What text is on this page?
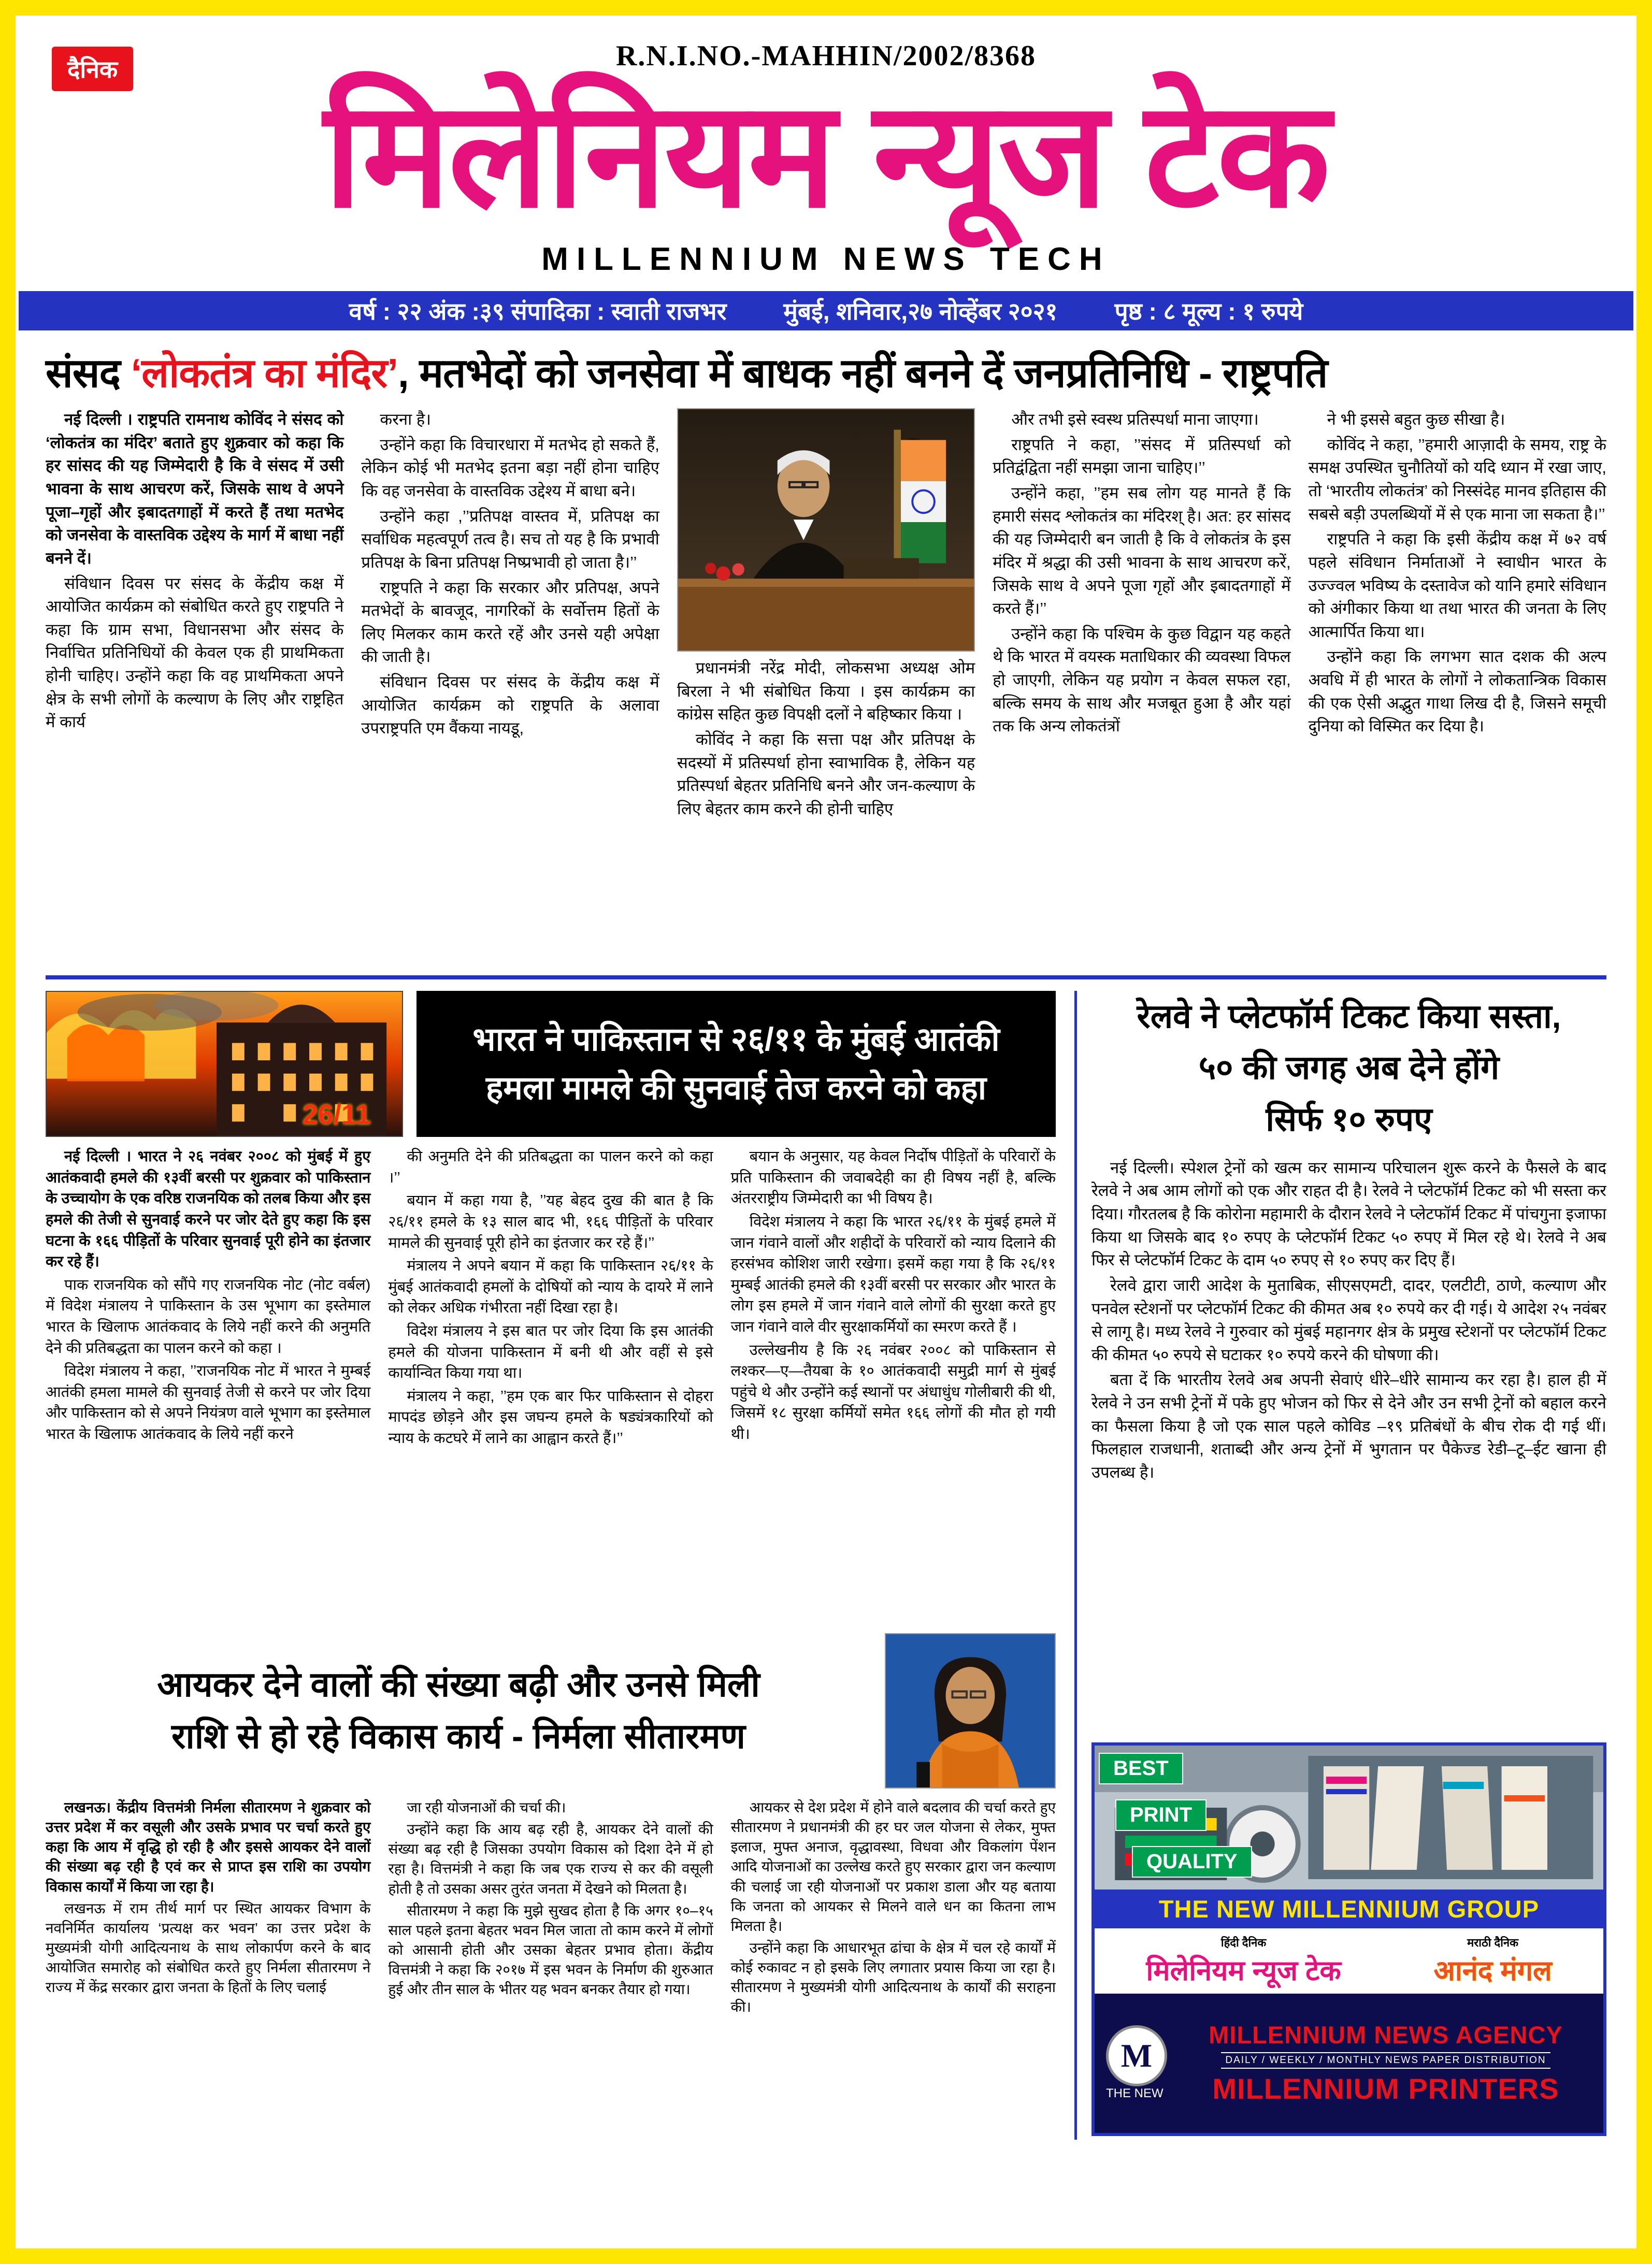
दैनिक	R.N.I.NO.-MAHHIN/2002/8368
मिलेनियम न्यूज टेक
MILLENNIUM NEWS TECH
वर्ष : २२ अंक :३९ संपादिका : स्वाती राजभर मुंबई, शनिवार,२७ नोव्हेंबर २०२१ पृष्ठ : ८ मूल्य : १ रुपये
संसद ‘लोकतंत्र का मंदिर’, मतभेदों को जनसेवा में बाधक नहीं बनने दें जनप्रतिनिधि - राष्ट्रपति

नई दिल्ली । राष्ट्रपति रामनाथ कोविंद ने संसद को ‘लोकतंत्र का मंदिर’ बताते हुए शुक्रवार को कहा कि हर सांसद की यह जिम्मेदारी है कि वे संसद में उसी भावना के साथ आचरण करें, जिसके साथ वे अपने पूजा–गृहों और इबादतगाहों में करते हैं तथा मतभेद को जनसेवा के वास्तविक उद्देश्य के मार्ग में बाधा नहीं बनने दें।

संविधान दिवस पर संसद के केंद्रीय कक्ष में आयोजित कार्यक्रम को संबोधित करते हुए राष्ट्रपति ने कहा कि ग्राम सभा, विधानसभा और संसद के निर्वाचित प्रतिनिधियों की केवल एक ही प्राथमिकता होनी चाहिए। उन्होंने कहा कि वह प्राथमिकता अपने क्षेत्र के सभी लोगों के कल्याण के लिए और राष्ट्रहित में कार्य

करना है।

उन्होंने कहा कि विचारधारा में मतभेद हो सकते हैं, लेकिन कोई भी मतभेद इतना बड़ा नहीं होना चाहिए कि वह जनसेवा के वास्तविक उद्देश्य में बाधा बने।

उन्होंने कहा ,’’प्रतिपक्ष वास्तव में, प्रतिपक्ष का सर्वाधिक महत्वपूर्ण तत्व है। सच तो यह है कि प्रभावी प्रतिपक्ष के बिना प्रतिपक्ष निष्प्रभावी हो जाता है।’’

राष्ट्रपति ने कहा कि सरकार और प्रतिपक्ष, अपने मतभेदों के बावजूद, नागरिकों के सर्वोत्तम हितों के लिए मिलकर काम करते रहें और उनसे यही अपेक्षा की जाती है।

संविधान दिवस पर संसद के केंद्रीय कक्ष में आयोजित कार्यक्रम को राष्ट्रपति के अलावा उपराष्ट्रपति एम वैंकया नायडू,

प्रधानमंत्री नरेंद्र मोदी, लोकसभा अध्यक्ष ओम बिरला ने भी संबोधित किया । इस कार्यक्रम का कांग्रेस सहित कुछ विपक्षी दलों ने बहिष्कार किया ।

कोविंद ने कहा कि सत्ता पक्ष और प्रतिपक्ष के सदस्यों में प्रतिस्पर्धा होना स्वाभाविक है, लेकिन यह प्रतिस्पर्धा बेहतर प्रतिनिधि बनने और जन-कल्याण के लिए बेहतर काम करने की होनी चाहिए

और तभी इसे स्वस्थ प्रतिस्पर्धा माना जाएगा।

राष्ट्रपति ने कहा, ’’संसद में प्रतिस्पर्धा को प्रतिद्वंद्विता नहीं समझा जाना चाहिए।’’

उन्होंने कहा, ’’हम सब लोग यह मानते हैं कि हमारी संसद श्लोकतंत्र का मंदिरश् है। अत: हर सांसद की यह जिम्मेदारी बन जाती है कि वे लोकतंत्र के इस मंदिर में श्रद्धा की उसी भावना के साथ आचरण करें, जिसके साथ वे अपने पूजा गृहों और इबादतगाहों में करते हैं।’’

उन्होंने कहा कि पश्चिम के कुछ विद्वान यह कहते थे कि भारत में वयस्क मताधिकार की व्यवस्था विफल हो जाएगी, लेकिन यह प्रयोग न केवल सफल रहा, बल्कि समय के साथ और मजबूत हुआ है और यहां तक कि अन्य लोकतंत्रों

ने भी इससे बहुत कुछ सीखा है।

कोविंद ने कहा, ’’हमारी आज़ादी के समय, राष्ट्र के समक्ष उपस्थित चुनौतियों को यदि ध्यान में रखा जाए, तो ‘भारतीय लोकतंत्र’ को निस्संदेह मानव इतिहास की सबसे बड़ी उपलब्धियों में से एक माना जा सकता है।’’

राष्ट्रपति ने कहा कि इसी केंद्रीय कक्ष में ७२ वर्ष पहले संविधान निर्माताओं ने स्वाधीन भारत के उज्ज्वल भविष्य के दस्तावेज को यानि हमारे संविधान को अंगीकार किया था तथा भारत की जनता के लिए आत्मार्पित किया था।

उन्होंने कहा कि लगभग सात दशक की अल्प अवधि में ही भारत के लोगों ने लोकतान्त्रिक विकास की एक ऐसी अद्भुत गाथा लिख दी है, जिसने समूची दुनिया को विस्मित कर दिया है।

26/11
भारत ने पाकिस्तान से २६/११ के मुंबई आतंकी
हमला मामले की सुनवाई तेज करने को कहा

नई दिल्ली । भारत ने २६ नवंबर २००८ को मुंबई में हुए आतंकवादी हमले की १३वीं बरसी पर शुक्रवार को पाकिस्तान के उच्चायोग के एक वरिष्ठ राजनयिक को तलब किया और इस हमले की तेजी से सुनवाई करने पर जोर देते हुए कहा कि इस घटना के १६६ पीड़ितों के परिवार सुनवाई पूरी होने का इंतजार कर रहे हैं।

पाक राजनयिक को सौंपे गए राजनयिक नोट (नोट वर्बल) में विदेश मंत्रालय ने पाकिस्तान के उस भूभाग का इस्तेमाल भारत के खिलाफ आतंकवाद के लिये नहीं करने की अनुमति देने की प्रतिबद्धता का पालन करने को कहा ।

विदेश मंत्रालय ने कहा, ’’राजनयिक नोट में भारत ने मुम्बई आतंकी हमला मामले की सुनवाई तेजी से करने पर जोर दिया और पाकिस्तान को से अपने नियंत्रण वाले भूभाग का इस्तेमाल भारत के खिलाफ आतंकवाद के लिये नहीं करने

की अनुमति देने की प्रतिबद्धता का पालन करने को कहा ।’’

बयान में कहा गया है, ’’यह बेहद दुख की बात है कि २६/११ हमले के १३ साल बाद भी, १६६ पीड़ितों के परिवार मामले की सुनवाई पूरी होने का इंतजार कर रहे हैं।’’

मंत्रालय ने अपने बयान में कहा कि पाकिस्तान २६/११ के मुंबई आतंकवादी हमलों के दोषियों को न्याय के दायरे में लाने को लेकर अधिक गंभीरता नहीं दिखा रहा है।

विदेश मंत्रालय ने इस बात पर जोर दिया कि इस आतंकी हमले की योजना पाकिस्तान में बनी थी और वहीं से इसे कार्यान्वित किया गया था।

मंत्रालय ने कहा, ’’हम एक बार फिर पाकिस्तान से दोहरा मापदंड छोड़ने और इस जघन्य हमले के षड्यंत्रकारियों को न्याय के कटघरे में लाने का आह्वान करते हैं।’’

बयान के अनुसार, यह केवल निर्दोष पीड़ितों के परिवारों के प्रति पाकिस्तान की जवाबदेही का ही विषय नहीं है, बल्कि अंतरराष्ट्रीय जिम्मेदारी का भी विषय है।

विदेश मंत्रालय ने कहा कि भारत २६/११ के मुंबई हमले में जान गंवाने वालों और शहीदों के परिवारों को न्याय दिलाने की हरसंभव कोशिश जारी रखेगा। इसमें कहा गया है कि २६/११ मुम्बई आतंकी हमले की १३वीं बरसी पर सरकार और भारत के लोग इस हमले में जान गंवाने वाले लोगों की सुरक्षा करते हुए जान गंवाने वाले वीर सुरक्षाकर्मियों का स्मरण करते हैं ।

उल्लेखनीय है कि २६ नवंबर २००८ को पाकिस्तान से लश्कर—ए—तैयबा के १० आतंकवादी समुद्री मार्ग से मुंबई पहुंचे थे और उन्होंने कई स्थानों पर अंधाधुंध गोलीबारी की थी, जिसमें १८ सुरक्षा कर्मियों समेत १६६ लोगों की मौत हो गयी थी।

आयकर देने वालों की संख्या बढ़ी और उनसे मिली
राशि से हो रहे विकास कार्य - निर्मला सीतारमण

लखनऊ। केंद्रीय वित्तमंत्री निर्मला सीतारमण ने शुक्रवार को उत्तर प्रदेश में कर वसूली और उसके प्रभाव पर चर्चा करते हुए कहा कि आय में वृद्धि हो रही है और इससे आयकर देने वालों की संख्या बढ़ रही है एवं कर से प्राप्त इस राशि का उपयोग विकास कार्यों में किया जा रहा है।

लखनऊ में राम तीर्थ मार्ग पर स्थित आयकर विभाग के नवनिर्मित कार्यालय ‘प्रत्यक्ष कर भवन’ का उत्तर प्रदेश के मुख्यमंत्री योगी आदित्यनाथ के साथ लोकार्पण करने के बाद आयोजित समारोह को संबोधित करते हुए निर्मला सीतारमण ने राज्य में केंद्र सरकार द्वारा जनता के हितों के लिए चलाई

जा रही योजनाओं की चर्चा की।

उन्होंने कहा कि आय बढ़ रही है, आयकर देने वालों की संख्या बढ़ रही है जिसका उपयोग विकास को दिशा देने में हो रहा है। वित्तमंत्री ने कहा कि जब एक राज्य से कर की वसूली होती है तो उसका असर तुरंत जनता में देखने को मिलता है।

सीतारमण ने कहा कि मुझे सुखद होता है कि अगर १०–१५ साल पहले इतना बेहतर भवन मिल जाता तो काम करने में लोगों को आसानी होती और उसका बेहतर प्रभाव होता। केंद्रीय वित्तमंत्री ने कहा कि २०१७ में इस भवन के निर्माण की शुरुआत हुई और तीन साल के भीतर यह भवन बनकर तैयार हो गया।

आयकर से देश प्रदेश में होने वाले बदलाव की चर्चा करते हुए सीतारमण ने प्रधानमंत्री की हर घर जल योजना से लेकर, मुफ्त इलाज, मुफ्त अनाज, वृद्धावस्था, विधवा और विकलांग पेंशन आदि योजनाओं का उल्लेख करते हुए सरकार द्वारा जन कल्याण की चलाई जा रही योजनाओं पर प्रकाश डाला और यह बताया कि जनता को आयकर से मिलने वाले धन का कितना लाभ मिलता है।

उन्होंने कहा कि आधारभूत ढांचा के क्षेत्र में चल रहे कार्यों में कोई रुकावट न हो इसके लिए लगातार प्रयास किया जा रहा है। सीतारमण ने मुख्यमंत्री योगी आदित्यनाथ के कार्यों की सराहना की।

रेलवे ने प्लेटफॉर्म टिकट किया सस्ता,
५० की जगह अब देने होंगे
सिर्फ १० रुपए

नई दिल्ली। स्पेशल ट्रेनों को खत्म कर सामान्य परिचालन शुरू करने के फैसले के बाद रेलवे ने अब आम लोगों को एक और राहत दी है। रेलवे ने प्लेटफॉर्म टिकट को भी सस्ता कर दिया। गौरतलब है कि कोरोना महामारी के दौरान रेलवे ने प्लेटफॉर्म टिकट में पांचगुना इजाफा किया था जिसके बाद १० रुपए के प्लेटफॉर्म टिकट ५० रुपए में मिल रहे थे। रेलवे ने अब फिर से प्लेटफॉर्म टिकट के दाम ५० रुपए से १० रुपए कर दिए हैं।

रेलवे द्वारा जारी आदेश के मुताबिक, सीएसएमटी, दादर, एलटीटी, ठाणे, कल्याण और पनवेल स्टेशनों पर प्लेटफॉर्म टिकट की कीमत अब १० रुपये कर दी गई। ये आदेश २५ नवंबर से लागू है। मध्य रेलवे ने गुरुवार को मुंबई महानगर क्षेत्र के प्रमुख स्टेशनों पर प्लेटफॉर्म टिकट की कीमत ५० रुपये से घटाकर १० रुपये करने की घोषणा की।

बता दें कि भारतीय रेलवे अब अपनी सेवाएं धीरे–धीरे सामान्य कर रहा है। हाल ही में रेलवे ने उन सभी ट्रेनों में पके हुए भोजन को फिर से देने और उन सभी ट्रेनों को बहाल करने का फैसला किया है जो एक साल पहले कोविड –१९ प्रतिबंधों के बीच रोक दी गई थीं। फिलहाल राजधानी, शताब्दी और अन्य ट्रेनों में भुगतान पर पैकेज्ड रेडी–टू–ईट खाना ही उपलब्ध है।

BEST
PRINT
QUALITY
THE NEW MILLENNIUM GROUP
हिंदी दैनिक
मिलेनियम न्यूज टेक
मराठी दैनिक
आनंद मंगल
M
THE NEW
MILLENNIUM NEWS AGENCY
DAILY / WEEKLY / MONTHLY NEWS PAPER DISTRIBUTION
MILLENNIUM PRINTERS
